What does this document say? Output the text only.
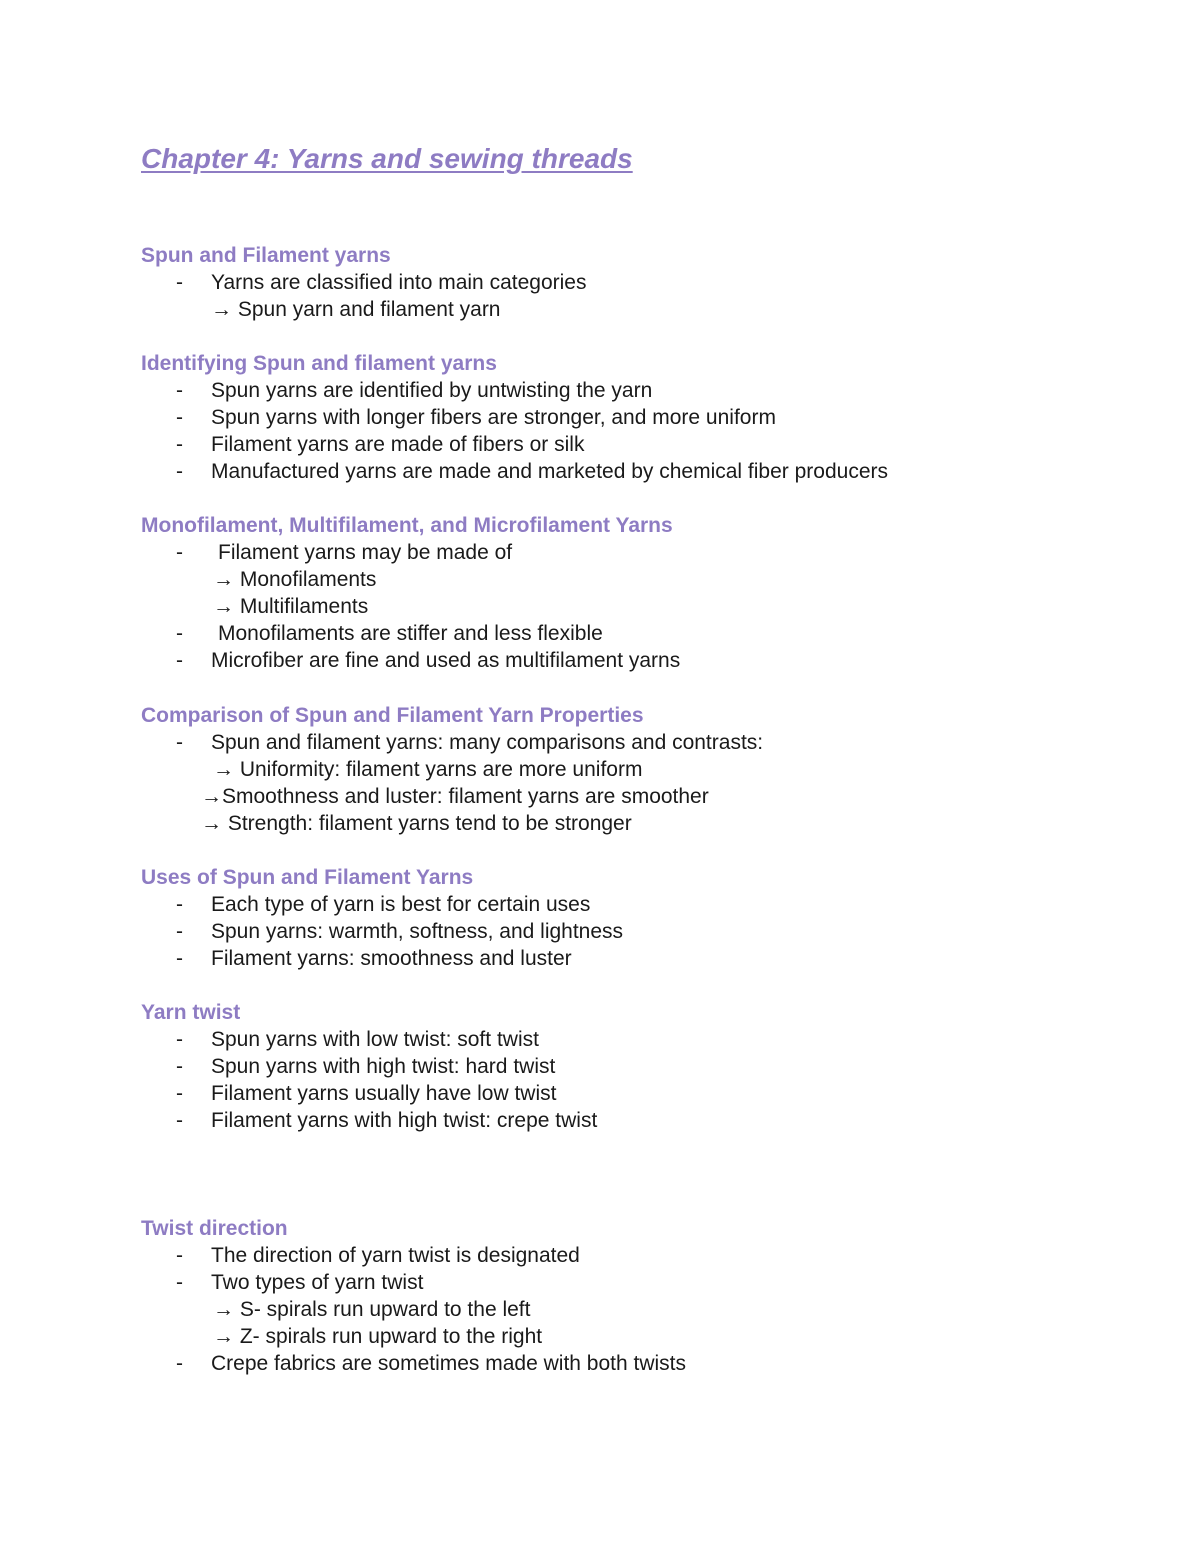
Chapter 4: Yarns and sewing threads
Spun and Filament yarns
- Yarns are classified into main categories
→ Spun yarn and filament yarn
Identifying Spun and filament yarns
- Spun yarns are identified by untwisting the yarn
- Spun yarns with longer fibers are stronger, and more uniform
- Filament yarns are made of fibers or silk
- Manufactured yarns are made and marketed by chemical fiber producers
Monofilament, Multifilament, and Microfilament Yarns
- Filament yarns may be made of
→ Monofilaments
→ Multifilaments
- Monofilaments are stiffer and less flexible
- Microfiber are fine and used as multifilament yarns
Comparison of Spun and Filament Yarn Properties
- Spun and filament yarns: many comparisons and contrasts:
→ Uniformity: filament yarns are more uniform
→Smoothness and luster: filament yarns are smoother
→ Strength: filament yarns tend to be stronger
Uses of Spun and Filament Yarns
- Each type of yarn is best for certain uses
- Spun yarns: warmth, softness, and lightness
- Filament yarns: smoothness and luster
Yarn twist
- Spun yarns with low twist: soft twist
- Spun yarns with high twist: hard twist
- Filament yarns usually have low twist
- Filament yarns with high twist: crepe twist
Twist direction
- The direction of yarn twist is designated
- Two types of yarn twist
→ S- spirals run upward to the left
→ Z- spirals run upward to the right
- Crepe fabrics are sometimes made with both twists
